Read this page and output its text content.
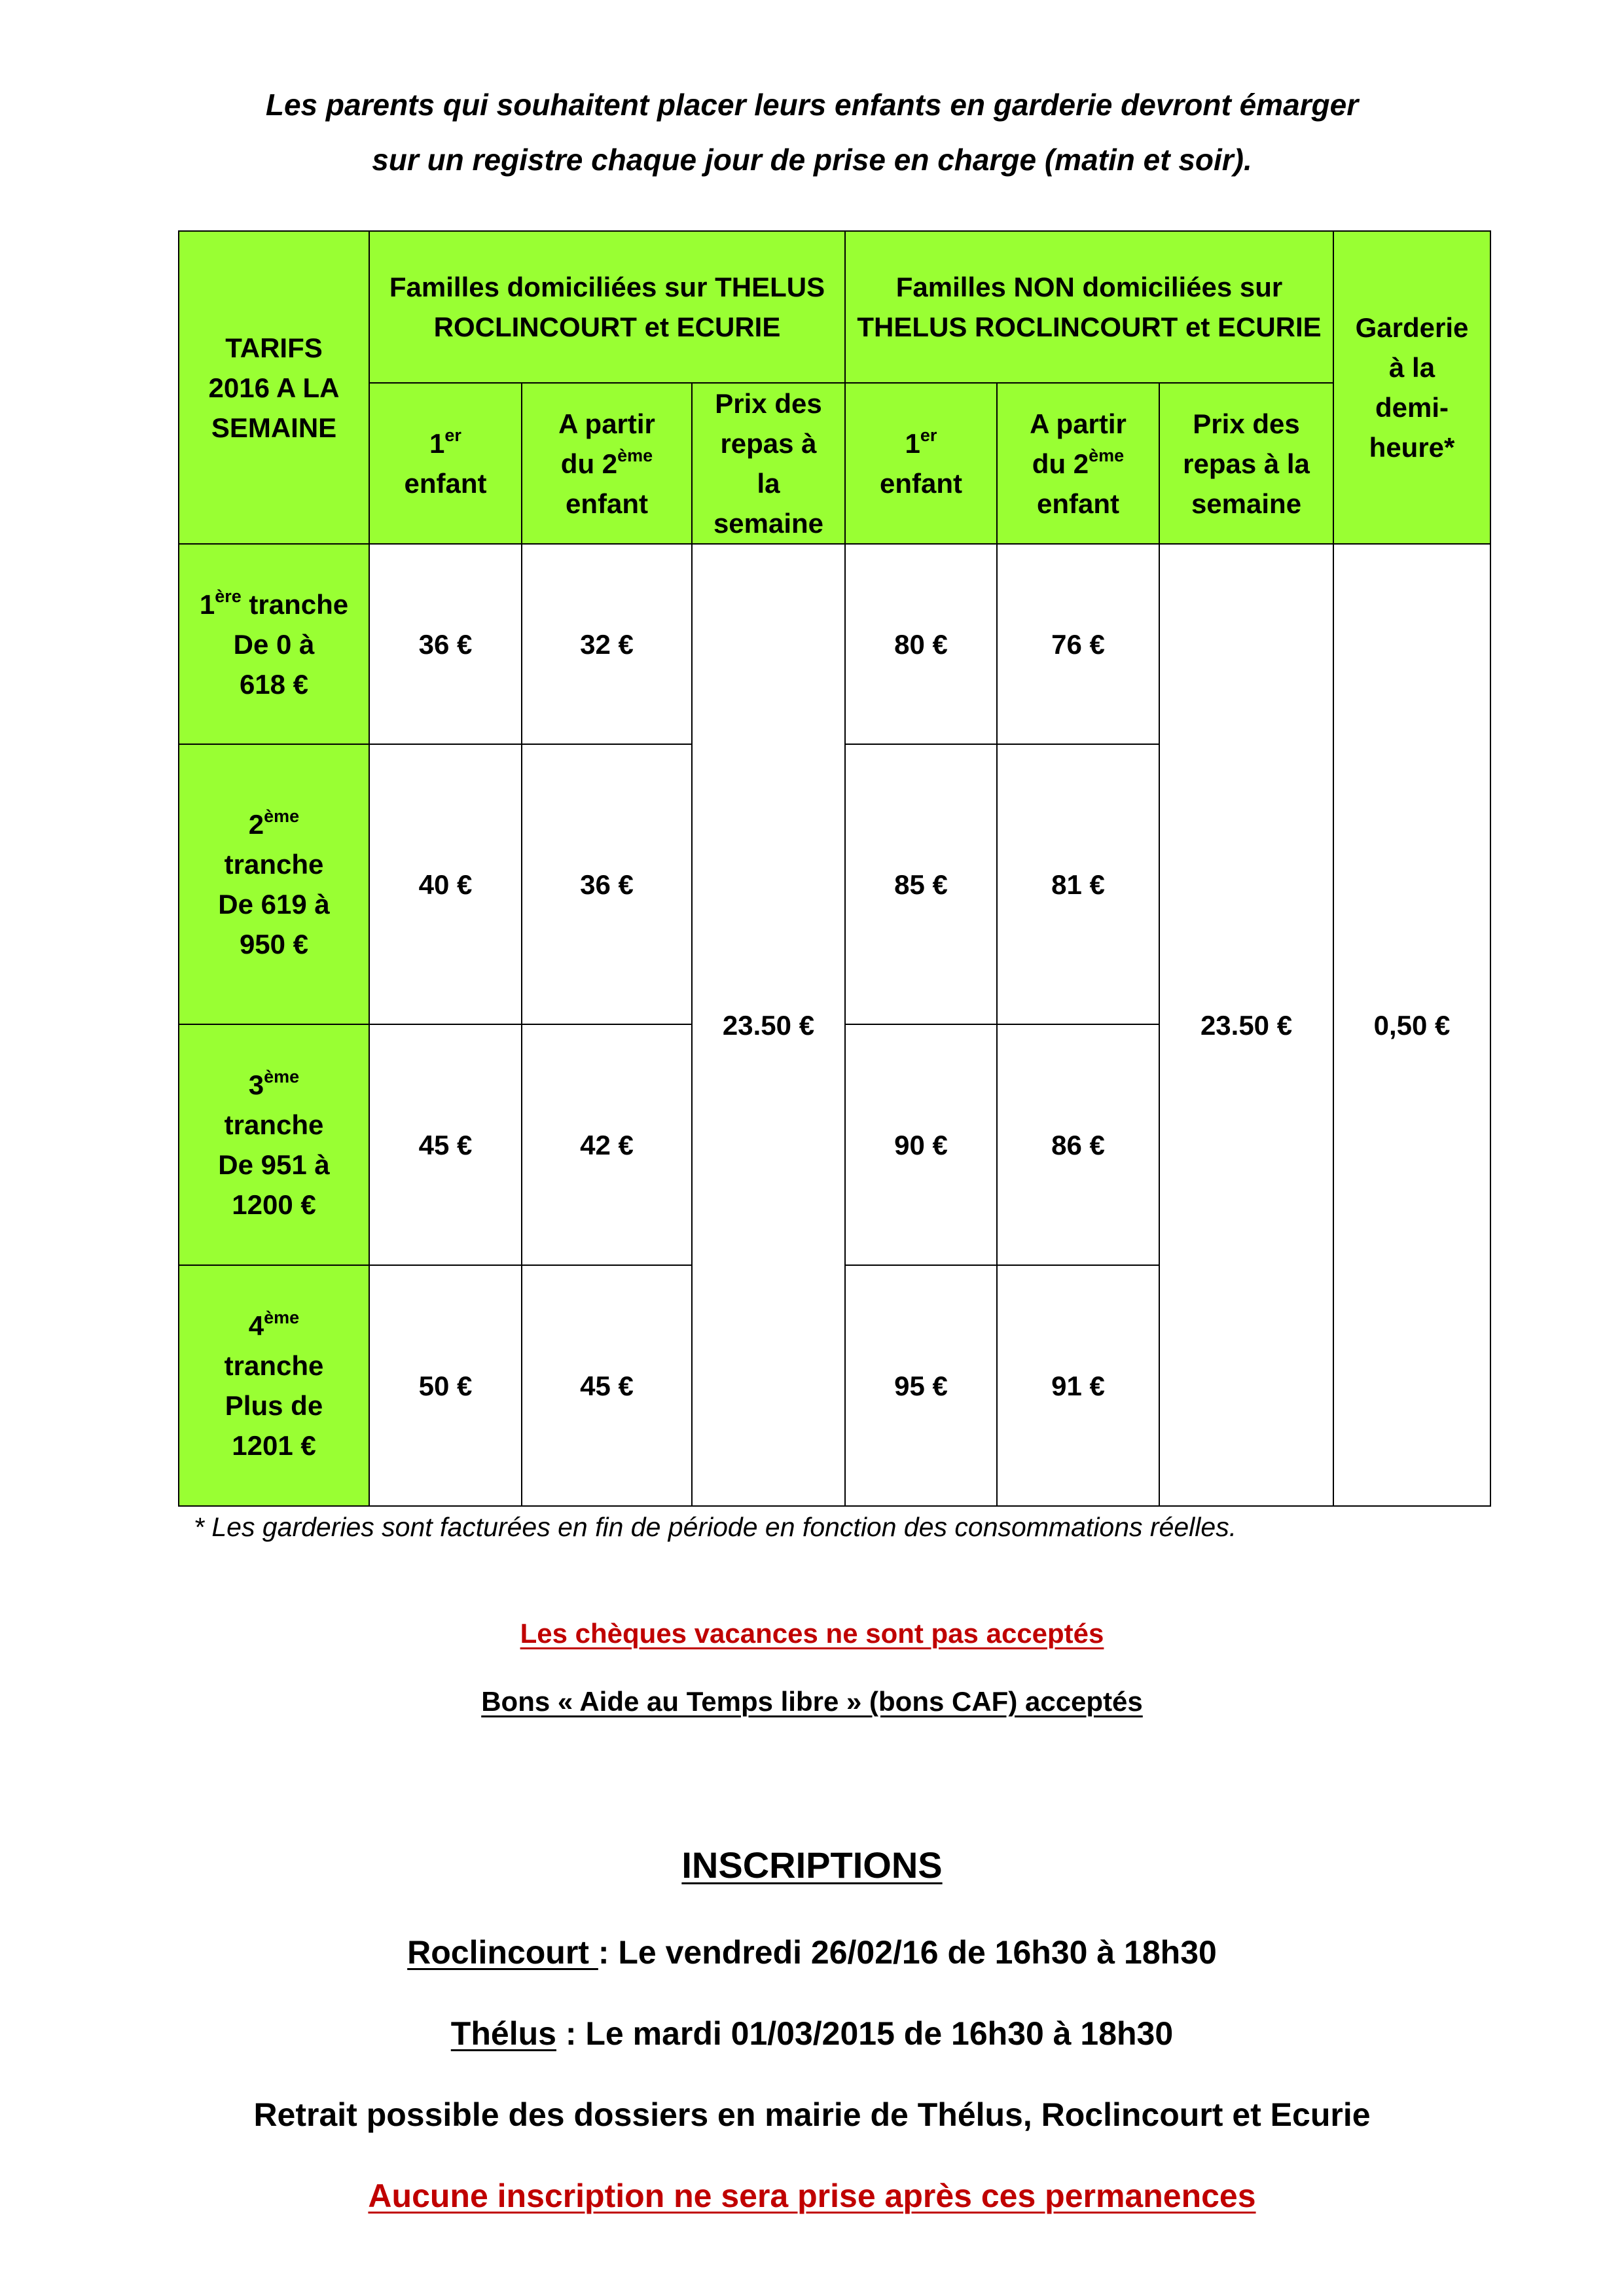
Les parents qui souhaitent placer leurs enfants en garderie devront émarger
sur un registre chaque jour de prise en charge (matin et soir).
TARIFS
2016 A LA
SEMAINE	Familles domiciliées sur THELUS
ROCLINCOURT et ECURIE			Familles NON domiciliées sur
THELUS ROCLINCOURT et ECURIE			Garderie
à la
demi-
heure*
	1er
enfant	A partir
du 2ème
enfant	Prix des
repas à
la
semaine	1er
enfant	A partir
du 2ème
enfant	Prix des
repas à la
semaine	
1ère tranche
De 0 à
618 €	36 €	32 €	23.50 €	80 €	76 €	23.50 €	0,50 €
2ème
tranche
De 619 à
950 €	40 €	36 €		85 €	81 €		
3ème
tranche
De 951 à
1200 €	45 €	42 €		90 €	86 €		
4ème
tranche
Plus de
1201 €	50 €	45 €		95 €	91 €		
* Les garderies sont facturées en fin de période en fonction des consommations réelles.
Les chèques vacances ne sont pas acceptés
Bons « Aide au Temps libre » (bons CAF) acceptés
INSCRIPTIONS
Roclincourt : Le vendredi 26/02/16 de 16h30 à 18h30
Thélus : Le mardi 01/03/2015 de 16h30 à 18h30
Retrait possible des dossiers en mairie de Thélus, Roclincourt et Ecurie
Aucune inscription ne sera prise après ces permanences
